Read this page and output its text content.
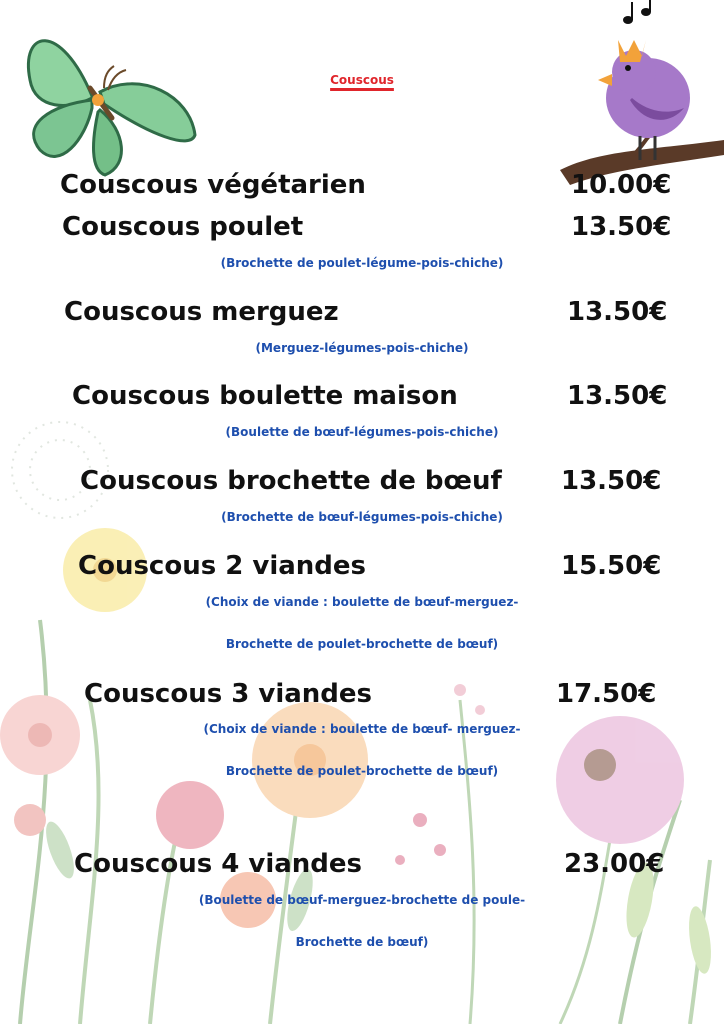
Couscous
Couscous végétarien	10.00€
Couscous poulet	13.50€
(Brochette de poulet-légume-pois-chiche)
Couscous merguez	13.50€
(Merguez-légumes-pois-chiche)
Couscous boulette maison	13.50€
(Boulette de bœuf-légumes-pois-chiche)
Couscous brochette de bœuf 13.50€
(Brochette de bœuf-légumes-pois-chiche)
Couscous 2 viandes	15.50€
(Choix de viande : boulette de bœuf-merguez-
Brochette de poulet-brochette de bœuf)
Couscous 3 viandes	17.50€
(Choix de viande : boulette de bœuf- merguez-
Brochette de poulet-brochette de bœuf)
Couscous 4 viandes	23.00€
(Boulette de bœuf-merguez-brochette de poule-
Brochette de bœuf)
